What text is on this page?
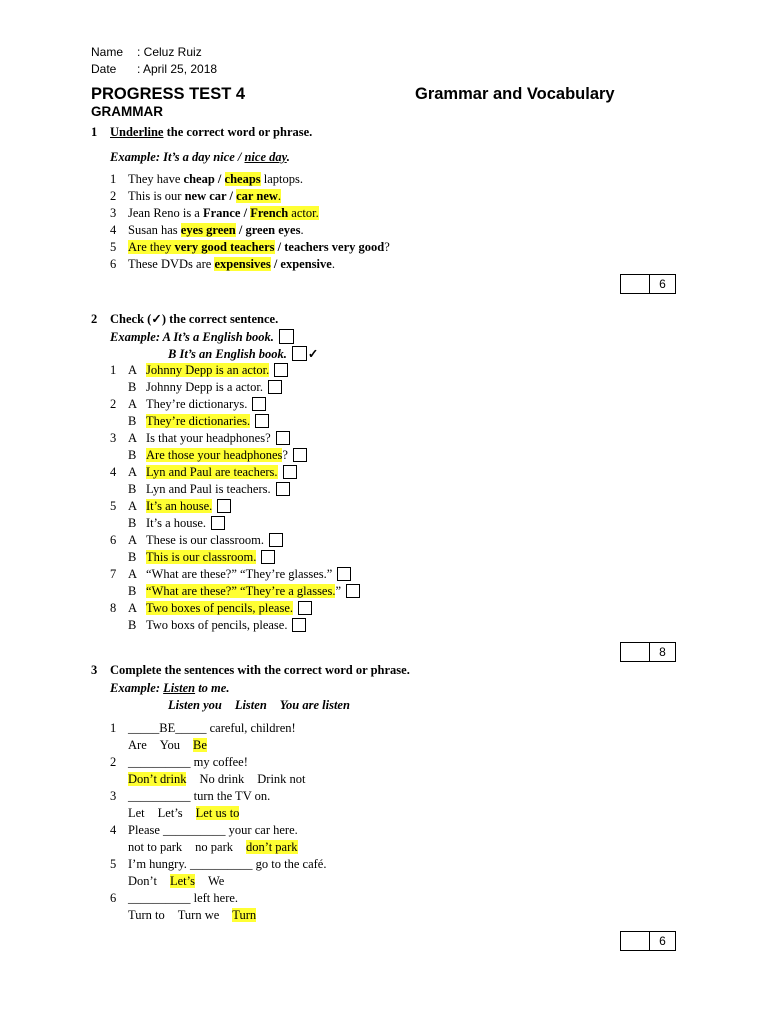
Name : Celuz Ruiz
Date : April 25, 2018
PROGRESS TEST 4	Grammar and Vocabulary
GRAMMAR
1 Underline the correct word or phrase.
Example: It’s a day nice / nice day.
1 They have cheap / cheaps laptops.
2 This is our new car / car new.
3 Jean Reno is a France / French actor.
4 Susan has eyes green / green eyes.
5 Are they very good teachers / teachers very good?
6 These DVDs are expensives / expensive.
6
2 Check (✓) the correct sentence.
Example: A It’s a English book.
B It’s an English book. ✓
1 A Johnny Depp is an actor.
B Johnny Depp is a actor.
2 A They’re dictionarys.
B They’re dictionaries.
3 A Is that your headphones?
B Are those your headphones?
4 A Lyn and Paul are teachers.
B Lyn and Paul is teachers.
5 A It’s an house.
B It’s a house.
6 A These is our classroom.
B This is our classroom.
7 A “What are these?” “They’re glasses.”
B “What are these?” “They’re a glasses.”
8 A Two boxes of pencils, please.
B Two boxs of pencils, please.
8
3 Complete the sentences with the correct word or phrase.
Example: Listen to me.
Listen you Listen You are listen
1 _____BE_____ careful, children!
Are You Be
2 __________ my coffee!
Don’t drink No drink Drink not
3 __________ turn the TV on.
Let Let’s Let us to
4 Please __________ your car here.
not to park no park don’t park
5 I’m hungry. __________ go to the café.
Don’t Let’s We
6 __________ left here.
Turn to Turn we Turn
6
